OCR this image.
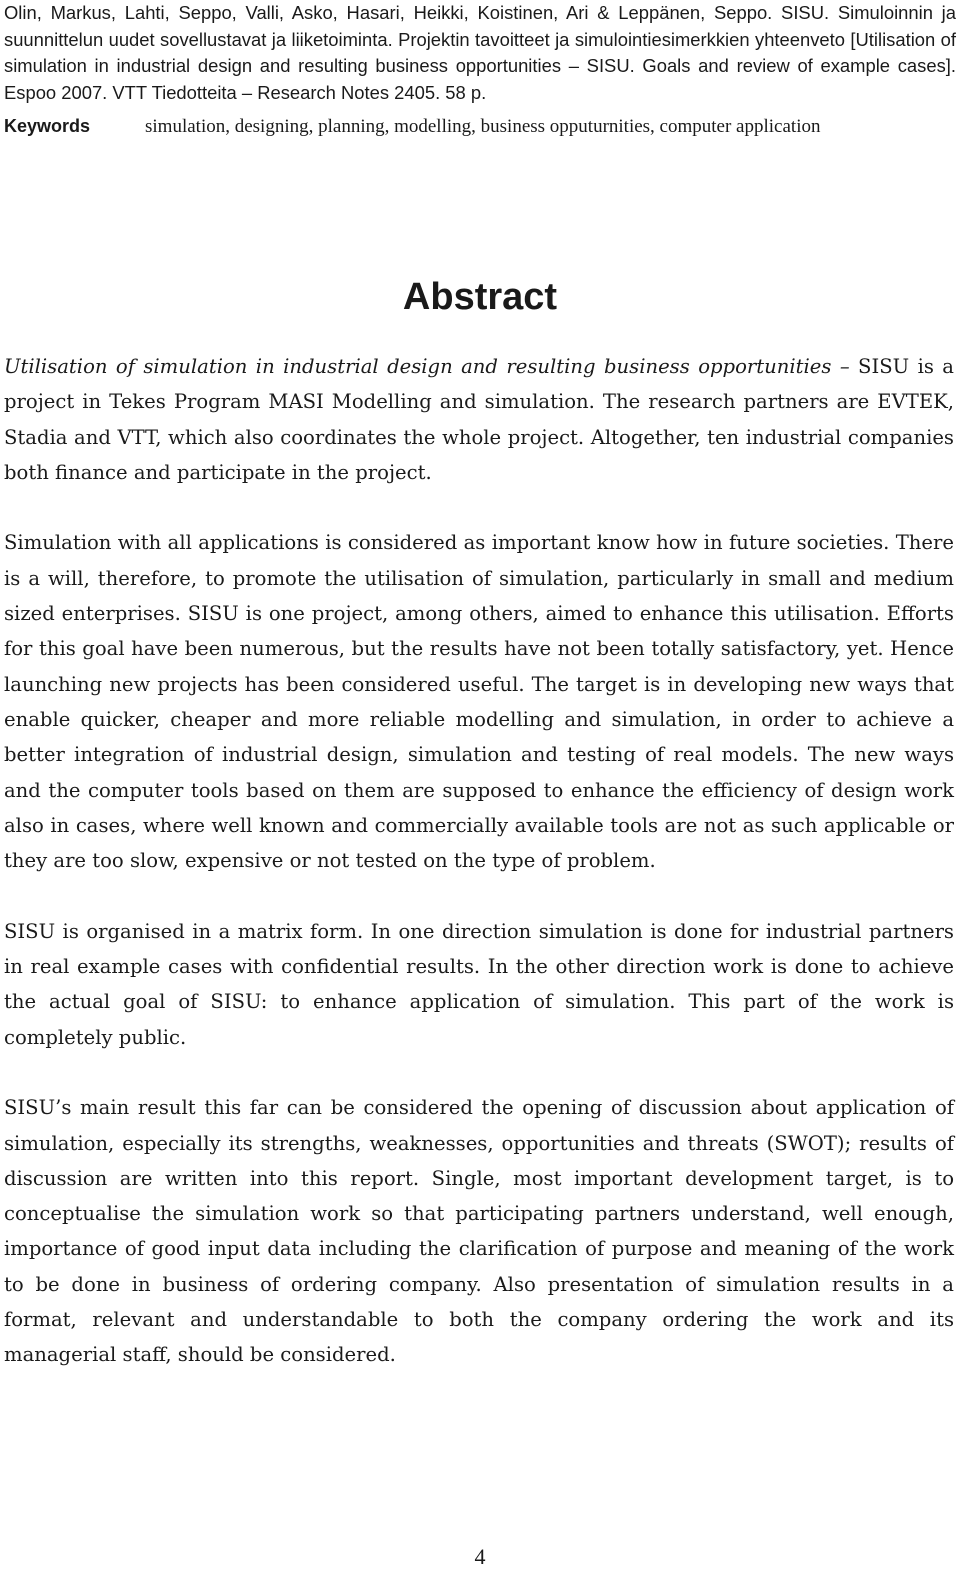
Olin, Markus, Lahti, Seppo, Valli, Asko, Hasari, Heikki, Koistinen, Ari & Leppänen, Seppo. SISU. Simuloinnin ja suunnittelun uudet sovellustavat ja liiketoiminta. Projektin tavoitteet ja simulointiesimerkkien yhteenveto [Utilisation of simulation in industrial design and resulting business opportunities – SISU. Goals and review of example cases]. Espoo 2007. VTT Tiedotteita – Research Notes 2405. 58 p.

Keywords	simulation, designing, planning, modelling, business opputurnities, computer application
Abstract

Utilisation of simulation in industrial design and resulting business opportunities – SISU is a project in Tekes Program MASI Modelling and simulation. The research partners are EVTEK, Stadia and VTT, which also coordinates the whole project. Altogether, ten industrial companies both finance and participate in the project.

Simulation with all applications is considered as important know how in future societies. There is a will, therefore, to promote the utilisation of simulation, particularly in small and medium sized enterprises. SISU is one project, among others, aimed to enhance this utilisation. Efforts for this goal have been numerous, but the results have not been totally satisfactory, yet. Hence launching new projects has been considered useful. The target is in developing new ways that enable quicker, cheaper and more reliable modelling and simulation, in order to achieve a better integration of industrial design, simulation and testing of real models. The new ways and the computer tools based on them are supposed to enhance the efficiency of design work also in cases, where well known and commercially available tools are not as such applicable or they are too slow, expensive or not tested on the type of problem.

SISU is organised in a matrix form. In one direction simulation is done for industrial partners in real example cases with confidential results. In the other direction work is done to achieve the actual goal of SISU: to enhance application of simulation. This part of the work is completely public.

SISU’s main result this far can be considered the opening of discussion about application of simulation, especially its strengths, weaknesses, opportunities and threats (SWOT); results of discussion are written into this report. Single, most important development target, is to conceptualise the simulation work so that participating partners understand, well enough, importance of good input data including the clarification of purpose and meaning of the work to be done in business of ordering company. Also presentation of simulation results in a format, relevant and understandable to both the company ordering the work and its managerial staff, should be considered.

4
